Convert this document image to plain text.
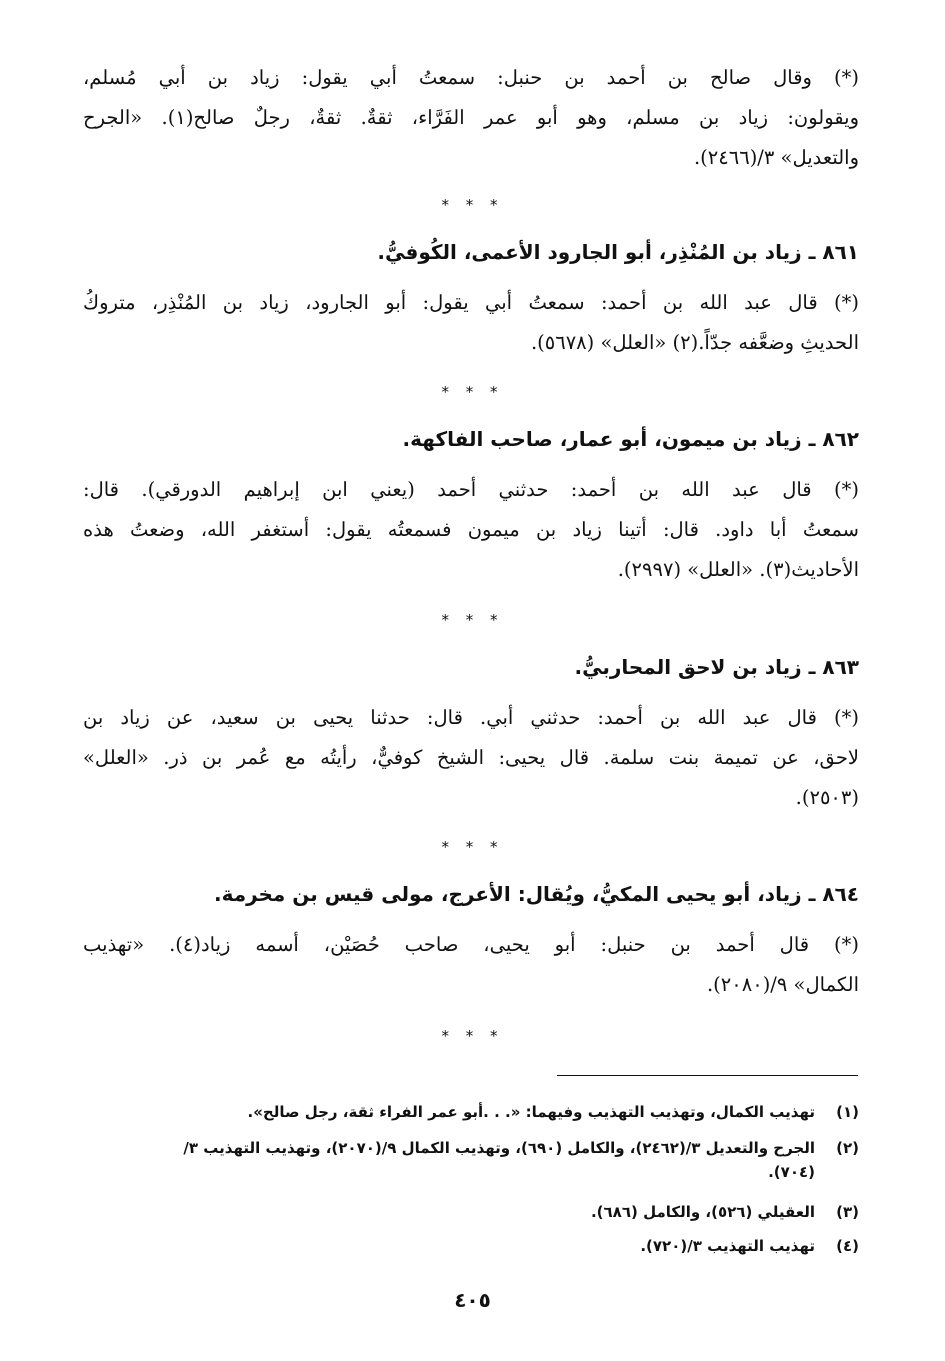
(*) وقال صالح بن أحمد بن حنبل: سمعتُ أبي يقول: زياد بن أبي مُسلم،
ويقولون: زياد بن مسلم، وهو أبو عمر الفَرَّاء، ثقةٌ. ثقةٌ، رجلٌ صالح(١). «الجرح
والتعديل» ٣/(٢٤٦٦).
* * *
٨٦١ ـ زياد بن المُنْذِر، أبو الجارود الأعمى، الكُوفيُّ.
(*) قال عبد الله بن أحمد: سمعتُ أبي يقول: أبو الجارود، زياد بن المُنْذِر، متروكُ
الحديثِ وضعَّفه جدّاً.(٢) «العلل» (٥٦٧٨).
* * *
٨٦٢ ـ زياد بن ميمون، أبو عمار، صاحب الفاكهة.
(*) قال عبد الله بن أحمد: حدثني أحمد (يعني ابن إبراهيم الدورقي). قال:
سمعتُ أبا داود. قال: أتينا زياد بن ميمون فسمعتُه يقول: أستغفر الله، وضعتُ هذه
الأحاديث(٣). «العلل» (٢٩٩٧).
* * *
٨٦٣ ـ زياد بن لاحق المحاربيُّ.
(*) قال عبد الله بن أحمد: حدثني أبي. قال: حدثنا يحيى بن سعيد، عن زياد بن
لاحق، عن تميمة بنت سلمة. قال يحيى: الشيخ كوفيٌّ، رأيتُه مع عُمر بن ذر. «العلل»
(٢٥٠٣).
* * *
٨٦٤ ـ زياد، أبو يحيى المكيُّ، ويُقال: الأعرج، مولى قيس بن مخرمة.
(*) قال أحمد بن حنبل: أبو يحيى، صاحب حُصَيْن، أسمه زياد(٤). «تهذيب
الكمال» ٩/(٢٠٨٠).
* * *
(١)تهذيب الكمال، وتهذيب التهذيب وفيهما: «. . .أبو عمر الفراء ثقة، رجل صالح».
(٢)الجرح والتعديل ٣/(٢٤٦٢)، والكامل (٦٩٠)، وتهذيب الكمال ٩/(٢٠٧٠)، وتهذيب التهذيب ٣/
(٧٠٤).
(٣)العقيلي (٥٢٦)، والكامل (٦٨٦).
(٤)تهذيب التهذيب ٣/(٧٢٠).
٤٠٥
